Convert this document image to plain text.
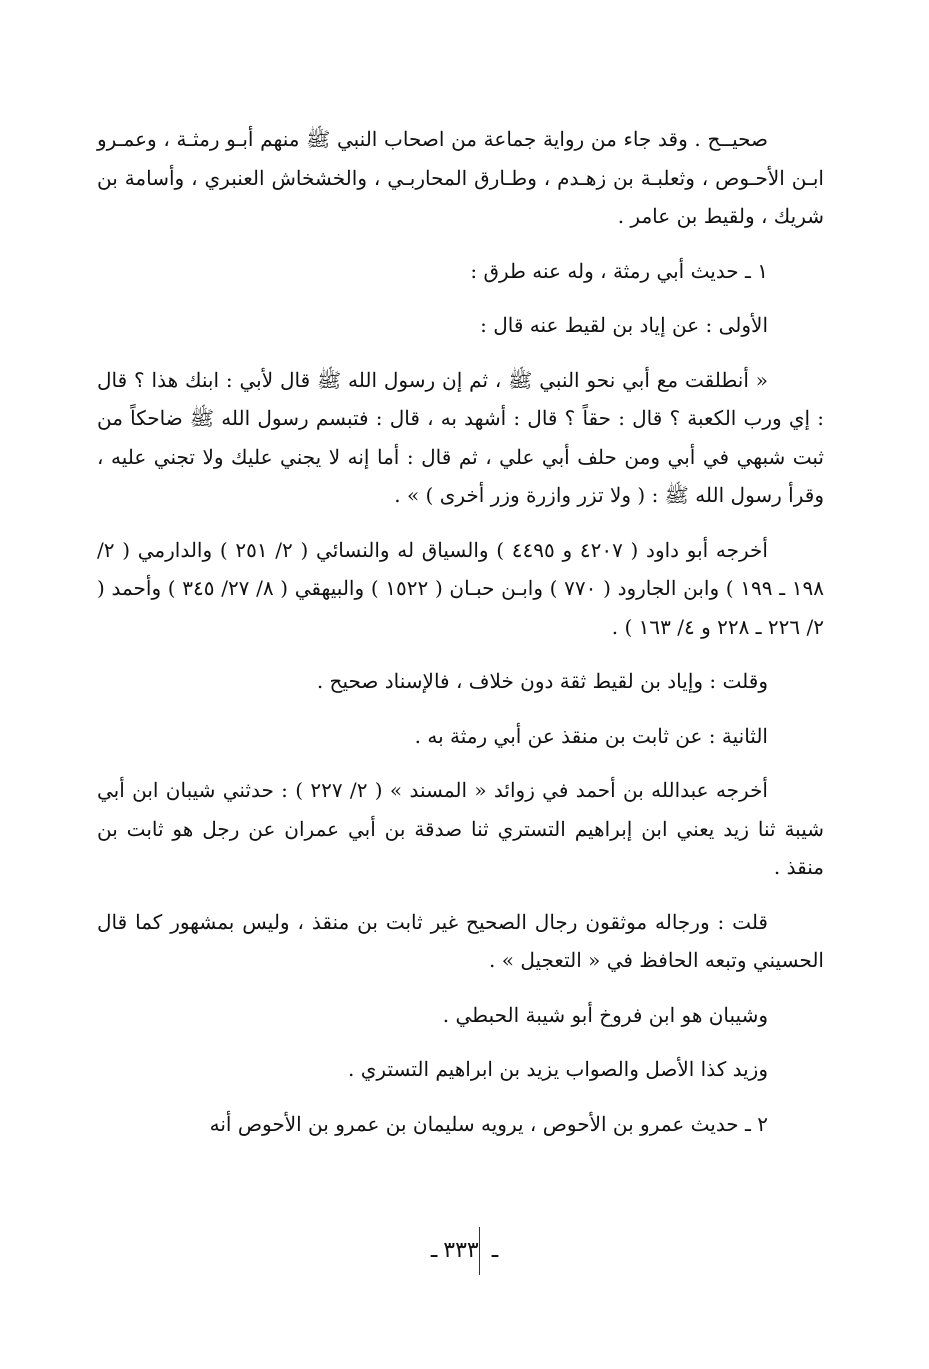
صحيــح . وقد جاء من رواية جماعة من اصحاب النبي ﷺ منهم أبـو رمثـة ، وعمـرو ابـن الأحـوص ، وثعلبـة بن زهـدم ، وطـارق المحاربـي ، والخشخاش العنبري ، وأسامة بن شريك ، ولقيط بن عامر .

١ ـ حديث أبي رمثة ، وله عنه طرق :

الأولى : عن إياد بن لقيط عنه قال :

« أنطلقت مع أبي نحو النبي ﷺ ، ثم إن رسول الله ﷺ قال لأبي : ابنك هذا ؟ قال : إي ورب الكعبة ؟ قال : حقاً ؟ قال : أشهد به ، قال : فتبسم رسول الله ﷺ ضاحكاً من ثبت شبهي في أبي ومن حلف أبي علي ، ثم قال : أما إنه لا يجني عليك ولا تجني عليه ، وقرأ رسول الله ﷺ : ( ولا تزر وازرة وزر أخرى ) » .

أخرجه أبو داود ( ٤٢٠٧ و ٤٤٩٥ ) والسياق له والنسائي ( ٢/ ٢٥١ ) والدارمي ( ٢/ ١٩٨ ـ ١٩٩ ) وابن الجارود ( ٧٧٠ ) وابـن حبـان ( ١٥٢٢ ) والبيهقي ( ٨/ ٢٧/ ٣٤٥ ) وأحمد ( ٢/ ٢٢٦ ـ ٢٢٨ و ٤/ ١٦٣ ) .

وقلت : وإياد بن لقيط ثقة دون خلاف ، فالإسناد صحيح .

الثانية : عن ثابت بن منقذ عن أبي رمثة به .

أخرجه عبدالله بن أحمد في زوائد « المسند » ( ٢/ ٢٢٧ ) : حدثني شيبان ابن أبي شيبة ثنا زيد يعني ابن إبراهيم التستري ثنا صدقة بن أبي عمران عن رجل هو ثابت بن منقذ .

قلت : ورجاله موثقون رجال الصحيح غير ثابت بن منقذ ، وليس بمشهور كما قال الحسيني وتبعه الحافظ في « التعجيل » .

وشيبان هو ابن فروخ أبو شيبة الحبطي .

وزيد كذا الأصل والصواب يزيد بن ابراهيم التستري .

٢ ـ حديث عمرو بن الأحوص ، يرويه سليمان بن عمرو بن الأحوص أنه

ـ٣٣٣ـ
